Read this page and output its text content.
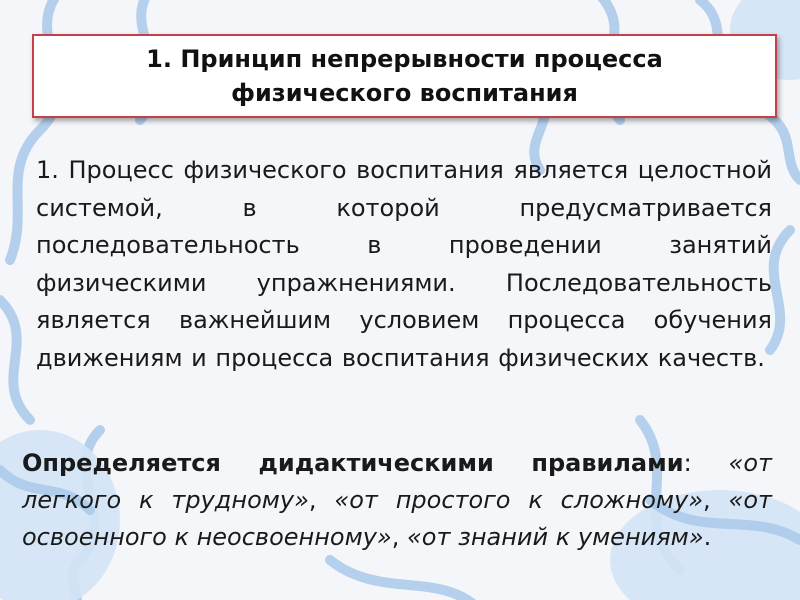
1. Принцип непрерывности процесса физического воспитания

1. Процесс физического воспитания является целостной системой, в которой предусматривается последовательность в проведении занятий физическими упражнениями. Последовательность является важнейшим условием процесса обучения движениям и процесса воспитания физических качеств.

Определяется дидактическими правилами: «от легкого к трудному», «от простого к сложному», «от освоенного к неосвоенному», «от знаний к умениям».
